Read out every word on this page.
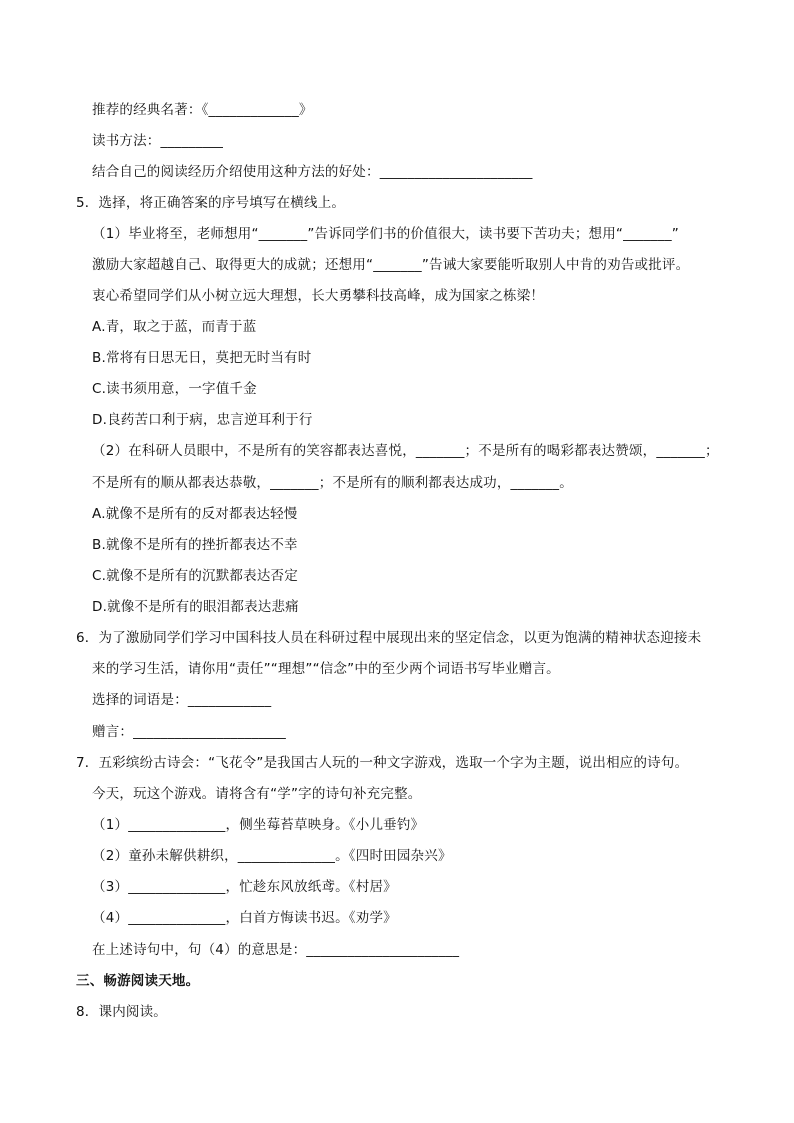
推荐的经典名著：《_____________》
读书方法：_________
结合自己的阅读经历介绍使用这种方法的好处：______________________
5．选择，将正确答案的序号填写在横线上。
（1）毕业将至，老师想用“_______”告诉同学们书的价值很大，读书要下苦功夫；想用“_______”
激励大家超越自己、取得更大的成就；还想用“_______”告诫大家要能听取别人中肯的劝告或批评。
衷心希望同学们从小树立远大理想，长大勇攀科技高峰，成为国家之栋梁！
A.青，取之于蓝，而青于蓝
B.常将有日思无日，莫把无时当有时
C.读书须用意，一字值千金
D.良药苦口利于病，忠言逆耳利于行
（2）在科研人员眼中，不是所有的笑容都表达喜悦，_______；不是所有的喝彩都表达赞颂，_______；
不是所有的顺从都表达恭敬，_______；不是所有的顺利都表达成功，_______。
A.就像不是所有的反对都表达轻慢
B.就像不是所有的挫折都表达不幸
C.就像不是所有的沉默都表达否定
D.就像不是所有的眼泪都表达悲痛
6．为了激励同学们学习中国科技人员在科研过程中展现出来的坚定信念，以更为饱满的精神状态迎接未
来的学习生活，请你用“责任”“理想”“信念”中的至少两个词语书写毕业赠言。
选择的词语是：____________
赠言：______________________
7．五彩缤纷古诗会：“飞花令”是我国古人玩的一种文字游戏，选取一个字为主题，说出相应的诗句。
今天，玩这个游戏。请将含有“学”字的诗句补充完整。
（1）______________，侧坐莓苔草映身。《小儿垂钓》
（2）童孙未解供耕织，______________。《四时田园杂兴》
（3）______________，忙趁东风放纸鸢。《村居》
（4）______________，白首方悔读书迟。《劝学》
在上述诗句中，句（4）的意思是：______________________
三、畅游阅读天地。
8．课内阅读。
